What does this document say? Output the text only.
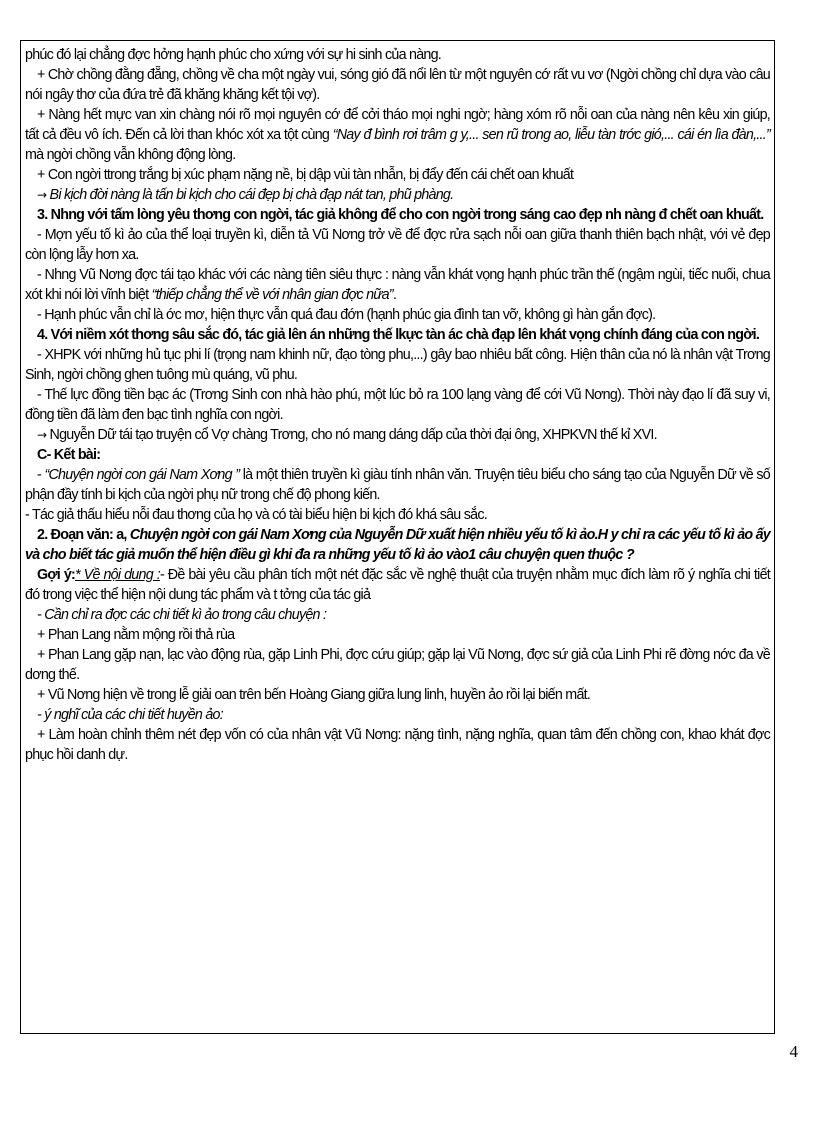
phúc đó lại chẳng đợc hởng hạnh phúc cho xứng với sự hi sinh của nàng.

+ Chờ chồng đằng đẵng, chồng về cha một ngày vui, sóng gió đã nổi lên từ một nguyên cớ rất vu vơ (Ngời chồng chỉ dựa vào câu nói ngây thơ của đứa trẻ đã khăng khăng kết tội vợ).

+ Nàng hết mực van xin chàng nói rõ mọi nguyên cớ để cởi tháo mọi nghi ngờ; hàng xóm rõ nỗi oan của nàng nên kêu xin giúp, tất cả đều vô ích. Đến cả lời than khóc xót xa tột cùng “Nay đ bình rơi trâm g y,... sen rũ trong ao, liễu tàn trớc gió,... cái én lìa đàn,...” mà ngời chồng vẫn không động lòng.

+ Con ngời ttrong trắng bị xúc phạm nặng nề, bị dập vùi tàn nhẫn, bị đẩy đến cái chết oan khuất

→ Bi kịch đời nàng là tấn bi kịch cho cái đẹp bị chà đạp nát tan, phũ phàng.

3. Nhng với tấm lòng yêu thơng con ngời, tác giả không để cho con ngời trong sáng cao đẹp nh nàng đ chết oan khuất.

- Mợn yếu tố kì ảo của thể loại truyền kì, diễn tả Vũ Nơng trở về để đợc rửa sạch nỗi oan giữa thanh thiên bạch nhật, với vẻ đẹp còn lộng lẫy hơn xa.

- Nhng Vũ Nơng đợc tái tạo khác với các nàng tiên siêu thực : nàng vẫn khát vọng hạnh phúc trần thế (ngậm ngùi, tiếc nuối, chua xót khi nói lời vĩnh biệt “thiếp chẳng thể về với nhân gian đợc nữa”.

- Hạnh phúc vẫn chỉ là ớc mơ, hiện thực vẫn quá đau đớn (hạnh phúc gia đình tan vỡ, không gì hàn gắn đợc).

4. Với niềm xót thơng sâu sắc đó, tác giả lên án những thế lkực tàn ác chà đạp lên khát vọng chính đáng của con ngời.

- XHPK với những hủ tục phi lí (trọng nam khinh nữ, đạo tòng phu,...) gây bao nhiêu bất công. Hiện thân của nó là nhân vật Trơng Sinh, ngời chồng ghen tuông mù quáng, vũ phu.

- Thế lực đồng tiền bạc ác (Trơng Sinh con nhà hào phú, một lúc bỏ ra 100 lạng vàng để cới Vũ Nơng). Thời này đạo lí đã suy vi, đồng tiền đã làm đen bạc tình nghĩa con ngời.

→ Nguyễn Dữ tái tạo truyện cổ Vợ chàng Trơng, cho nó mang dáng dấp của thời đại ông, XHPKVN thế kỉ XVI.

C- Kết bài:

- “Chuyện ngời con gái Nam Xơng ” là một thiên truyền kì giàu tính nhân văn. Truyện tiêu biểu cho sáng tạo của Nguyễn Dữ về số phận đầy tính bi kịch của ngời phụ nữ trong chế độ phong kiến.

- Tác giả thấu hiểu nỗi đau thơng của họ và có tài biểu hiện bi kịch đó khá sâu sắc.

2. Đoạn văn: a, Chuyện ngời con gái Nam Xơng của Nguyễn Dữ xuất hiện nhiều yếu tố kì ảo.H y chỉ ra các yếu tố kì ảo ấy và cho biết tác giả muốn thể hiện điều gì khi đa ra những yếu tố kì ảo vào1 câu chuyện quen thuộc ?

Gợi ý:* Về nội dung :- Đề bài yêu cầu phân tích một nét đặc sắc về nghệ thuật của truyện nhằm mục đích làm rõ ý nghĩa chi tiết đó trong việc thể hiện nội dung tác phẩm và t tởng của tác giả

- Cần chỉ ra đợc các chi tiết kì ảo trong câu chuyện :

+ Phan Lang nằm mộng rồi thả rùa

+ Phan Lang gặp nạn, lạc vào động rùa, gặp Linh Phi, đợc cứu giúp; gặp lại Vũ Nơng, đợc sứ giả của Linh Phi rẽ đờng nớc đa về dơng thế.

+ Vũ Nơng hiện về trong lễ giải oan trên bến Hoàng Giang giữa lung linh, huyền ảo rồi lại biến mất.

- ý nghĩ của các chi tiết huyền ảo:

+ Làm hoàn chỉnh thêm nét đẹp vốn có của nhân vật Vũ Nơng: nặng tình, nặng nghĩa, quan tâm đến chồng con, khao khát đợc phục hồi danh dự.

4
